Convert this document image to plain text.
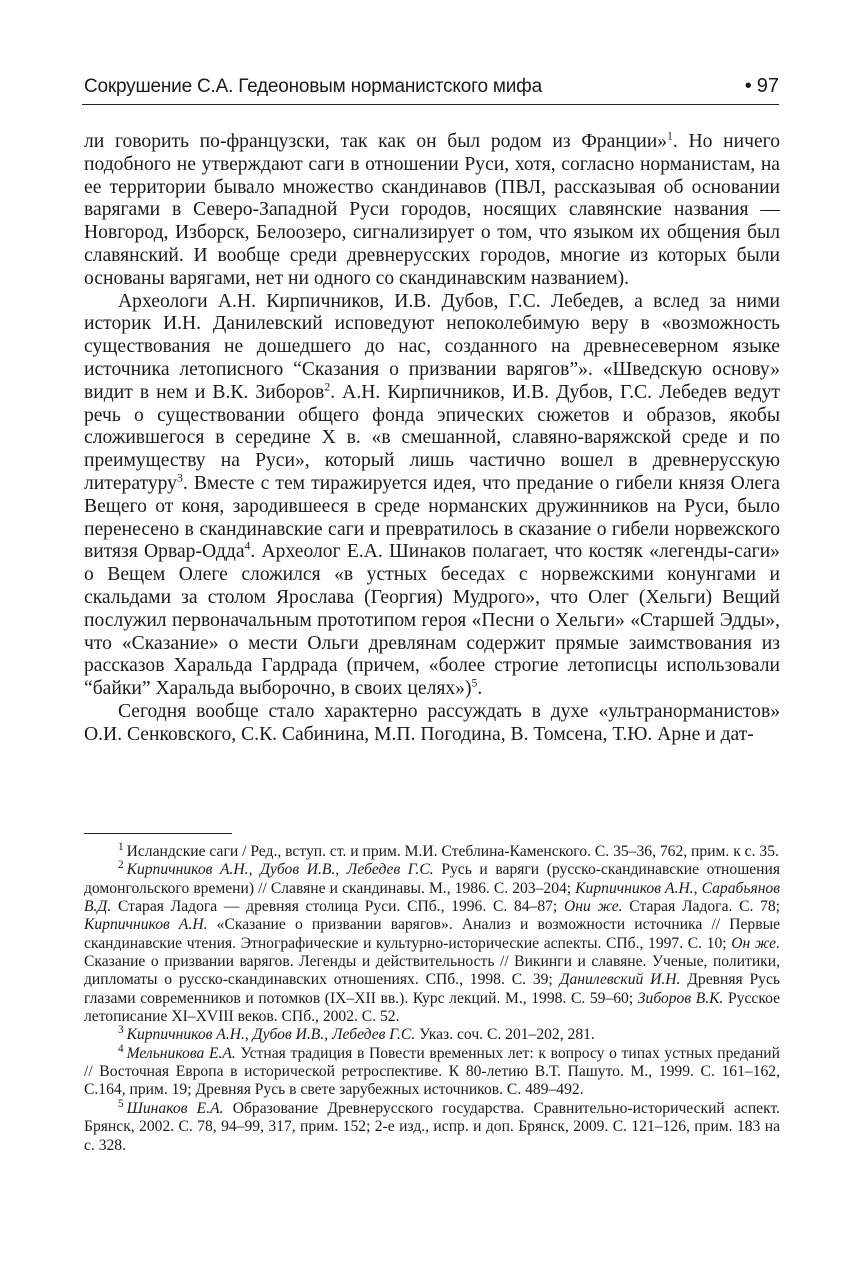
Сокрушение С.А. Гедеоновым норманистского мифа	• 97

ли говорить по-французски, так как он был родом из Франции»$^1$. Но ничего подобного не утверждают саги в отношении Руси, хотя, согласно норманистам, на ее территории бывало множество скандинавов (ПВЛ, рассказывая об основании варягами в Северо-Западной Руси городов, носящих славянские названия — Новгород, Изборск, Белоозеро, сигнализирует о том, что языком их общения был славянский. И вообще среди древнерусских городов, многие из которых были основаны варягами, нет ни одного со скандинавским названием).

Археологи А.Н. Кирпичников, И.В. Дубов, Г.С. Лебедев, а вслед за ними историк И.Н. Данилевский исповедуют непоколебимую веру в «возможность существования не дошедшего до нас, созданного на древнесеверном языке источника летописного “Сказания о призвании варягов”». «Шведскую основу» видит в нем и В.К. Зиборов$^2$. А.Н. Кирпичников, И.В. Дубов, Г.С. Лебедев ведут речь о существовании общего фонда эпических сюжетов и образов, якобы сложившегося в середине X в. «в смешанной, славяно-варяжской среде и по преимуществу на Руси», который лишь частично вошел в древнерусскую литературу$^3$. Вместе с тем тиражируется идея, что предание о гибели князя Олега Вещего от коня, зародившееся в среде норманских дружинников на Руси, было перенесено в скандинавские саги и превратилось в сказание о гибели норвежского витязя Орвар-Одда$^4$. Археолог Е.А. Шинаков полагает, что костяк «легенды-саги» о Вещем Олеге сложился «в устных беседах с норвежскими конунгами и скальдами за столом Ярослава (Георгия) Мудрого», что Олег (Хельги) Вещий послужил первоначальным прототипом героя «Песни о Хельги» «Старшей Эдды», что «Сказание» о мести Ольги древлянам содержит прямые заимствования из рассказов Харальда Гардрада (причем, «более строгие летописцы использовали “байки” Харальда выборочно, в своих целях»)$^5$.

Сегодня вообще стало характерно рассуждать в духе «ультранорманистов» О.И. Сенковского, С.К. Сабинина, М.П. Погодина, В. Томсена, Т.Ю. Арне и дат-

$^1$ Исландские саги / Ред., вступ. ст. и прим. М.И. Стеблина-Каменского. С. 35–36, 762, прим. к с. 35.

$^2$ Кирпичников А.Н., Дубов И.В., Лебедев Г.С. Русь и варяги (русско-скандинавские отношения домонгольского времени) // Славяне и скандинавы. М., 1986. С. 203–204; Кирпичников А.Н., Сарабьянов В.Д. Старая Ладога — древняя столица Руси. СПб., 1996. С. 84–87; Они же. Старая Ладога. С. 78; Кирпичников А.Н. «Сказание о призвании варягов». Анализ и возможности источника // Первые скандинавские чтения. Этнографические и культурно-исторические аспекты. СПб., 1997. С. 10; Он же. Сказание о призвании варягов. Легенды и действительность // Викинги и славяне. Ученые, политики, дипломаты о русско-скандинавских отношениях. СПб., 1998. С. 39; Данилевский И.Н. Древняя Русь глазами современников и потомков (IX–XII вв.). Курс лекций. М., 1998. С. 59–60; Зиборов В.К. Русское летописание XI–XVIII веков. СПб., 2002. С. 52.

$^3$ Кирпичников А.Н., Дубов И.В., Лебедев Г.С. Указ. соч. С. 201–202, 281.

$^4$ Мельникова Е.А. Устная традиция в Повести временных лет: к вопросу о типах устных преданий // Восточная Европа в исторической ретроспективе. К 80-летию В.Т. Пашуто. М., 1999. С. 161–162, С.164, прим. 19; Древняя Русь в свете зарубежных источников. С. 489–492.

$^5$ Шинаков Е.А. Образование Древнерусского государства. Сравнительно-исторический аспект. Брянск, 2002. С. 78, 94–99, 317, прим. 152; 2-е изд., испр. и доп. Брянск, 2009. С. 121–126, прим. 183 на с. 328.
